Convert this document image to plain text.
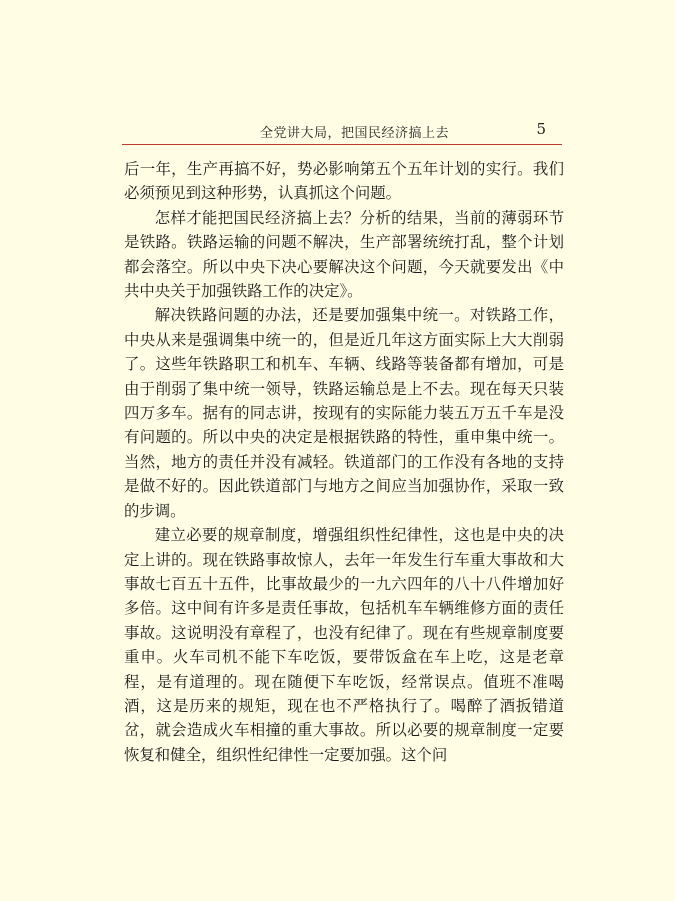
全党讲大局，把国民经济搞上去	5

后一年，生产再搞不好，势必影响第五个五年计划的实行。我们必须预见到这种形势，认真抓这个问题。

怎样才能把国民经济搞上去？分析的结果，当前的薄弱环节是铁路。铁路运输的问题不解决，生产部署统统打乱，整个计划都会落空。所以中央下决心要解决这个问题，今天就要发出《中共中央关于加强铁路工作的决定》。

解决铁路问题的办法，还是要加强集中统一。对铁路工作，中央从来是强调集中统一的，但是近几年这方面实际上大大削弱了。这些年铁路职工和机车、车辆、线路等装备都有增加，可是由于削弱了集中统一领导，铁路运输总是上不去。现在每天只装四万多车。据有的同志讲，按现有的实际能力装五万五千车是没有问题的。所以中央的决定是根据铁路的特性，重申集中统一。当然，地方的责任并没有减轻。铁道部门的工作没有各地的支持是做不好的。因此铁道部门与地方之间应当加强协作，采取一致的步调。

建立必要的规章制度，增强组织性纪律性，这也是中央的决定上讲的。现在铁路事故惊人，去年一年发生行车重大事故和大事故七百五十五件，比事故最少的一九六四年的八十八件增加好多倍。这中间有许多是责任事故，包括机车车辆维修方面的责任事故。这说明没有章程了，也没有纪律了。现在有些规章制度要重申。火车司机不能下车吃饭，要带饭盒在车上吃，这是老章程，是有道理的。现在随便下车吃饭，经常误点。值班不准喝酒，这是历来的规矩，现在也不严格执行了。喝醉了酒扳错道岔，就会造成火车相撞的重大事故。所以必要的规章制度一定要恢复和健全，组织性纪律性一定要加强。这个问
